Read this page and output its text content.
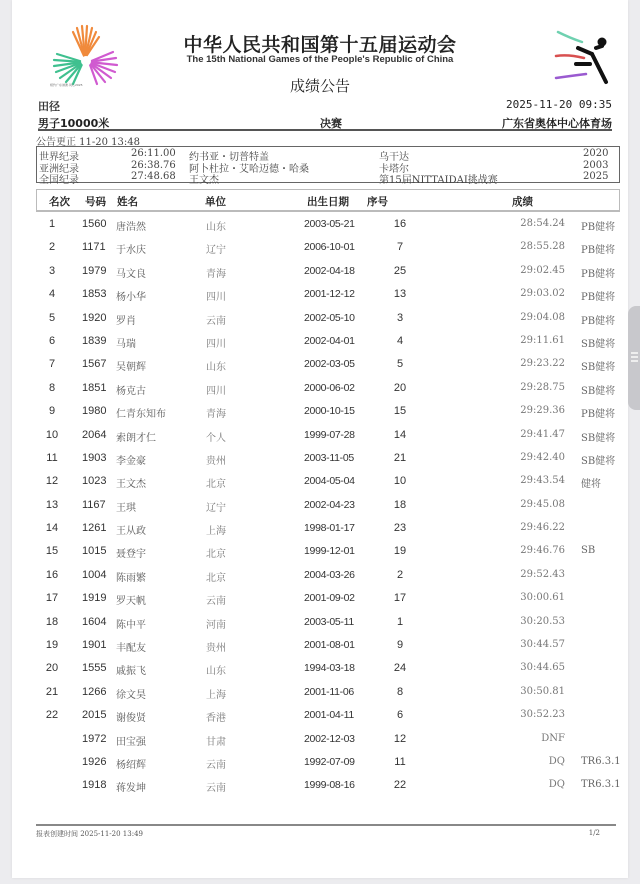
相约广东港澳·同心2025
中华人民共和国第十五届运动会
The 15th National Games of the People's Republic of China
成绩公告
田径	2025-11-20 09:35
男子10000米	决赛	广东省奥体中心体育场
公告更正 11-20 13:48
世界纪录	26:11.00 约书亚・切普特盖	乌干达	2020
亚洲纪录	26:38.76 阿卜杜拉・艾哈迈德・哈桑	卡塔尔	2003
全国纪录	27:48.68 王文杰	第15届NITTAIDAI挑战赛	2025
名次 号码 姓名	单位	出生日期 序号	成绩
1	1560 唐浩然	山东	2003-05-21	16	28:54.24 PB健将
2	1171 于水庆	辽宁	2006-10-01	7	28:55.28 PB健将
3	1979 马文良	青海	2002-04-18	25	29:02.45 PB健将
4	1853 杨小华	四川	2001-12-12	13	29:03.02 PB健将
5	1920 罗肖	云南	2002-05-10	3	29:04.08 PB健将
6	1839 马瑞	四川	2002-04-01	4	29:11.61 SB健将
7	1567 吴朝辉	山东	2002-03-05	5	29:23.22 SB健将
8	1851 杨克古	四川	2000-06-02	20	29:28.75 SB健将
9	1980 仁青东知布	青海	2000-10-15	15	29:29.36 PB健将
10	2064 索朗才仁	个人	1999-07-28	14	29:41.47 SB健将
11	1903 李金豪	贵州	2003-11-05	21	29:42.40 SB健将
12	1023 王文杰	北京	2004-05-04	10	29:43.54 健将
13	1167 王琪	辽宁	2002-04-23	18	29:45.08
14	1261 王从政	上海	1998-01-17	23	29:46.22
15	1015 聂登宇	北京	1999-12-01	19	29:46.76 SB
16	1004 陈雨繁	北京	2004-03-26	2	29:52.43
17	1919 罗天帆	云南	2001-09-02	17	30:00.61
18	1604 陈中平	河南	2003-05-11	1	30:20.53
19	1901 丰配友	贵州	2001-08-01	9	30:44.57
20	1555 戚振飞	山东	1994-03-18	24	30:44.65
21	1266 徐文昊	上海	2001-11-06	8	30:50.81
22	2015 谢俊贤	香港	2001-04-11	6	30:52.23
1972 田宝强	甘肃	2002-12-03	12	DNF
1926 杨绍辉	云南	1992-07-09	11	DQ TR6.3.1
1918 蒋发坤	云南	1999-08-16	22	DQ TR6.3.1
报表创建时间 2025-11-20 13:49	1/2
